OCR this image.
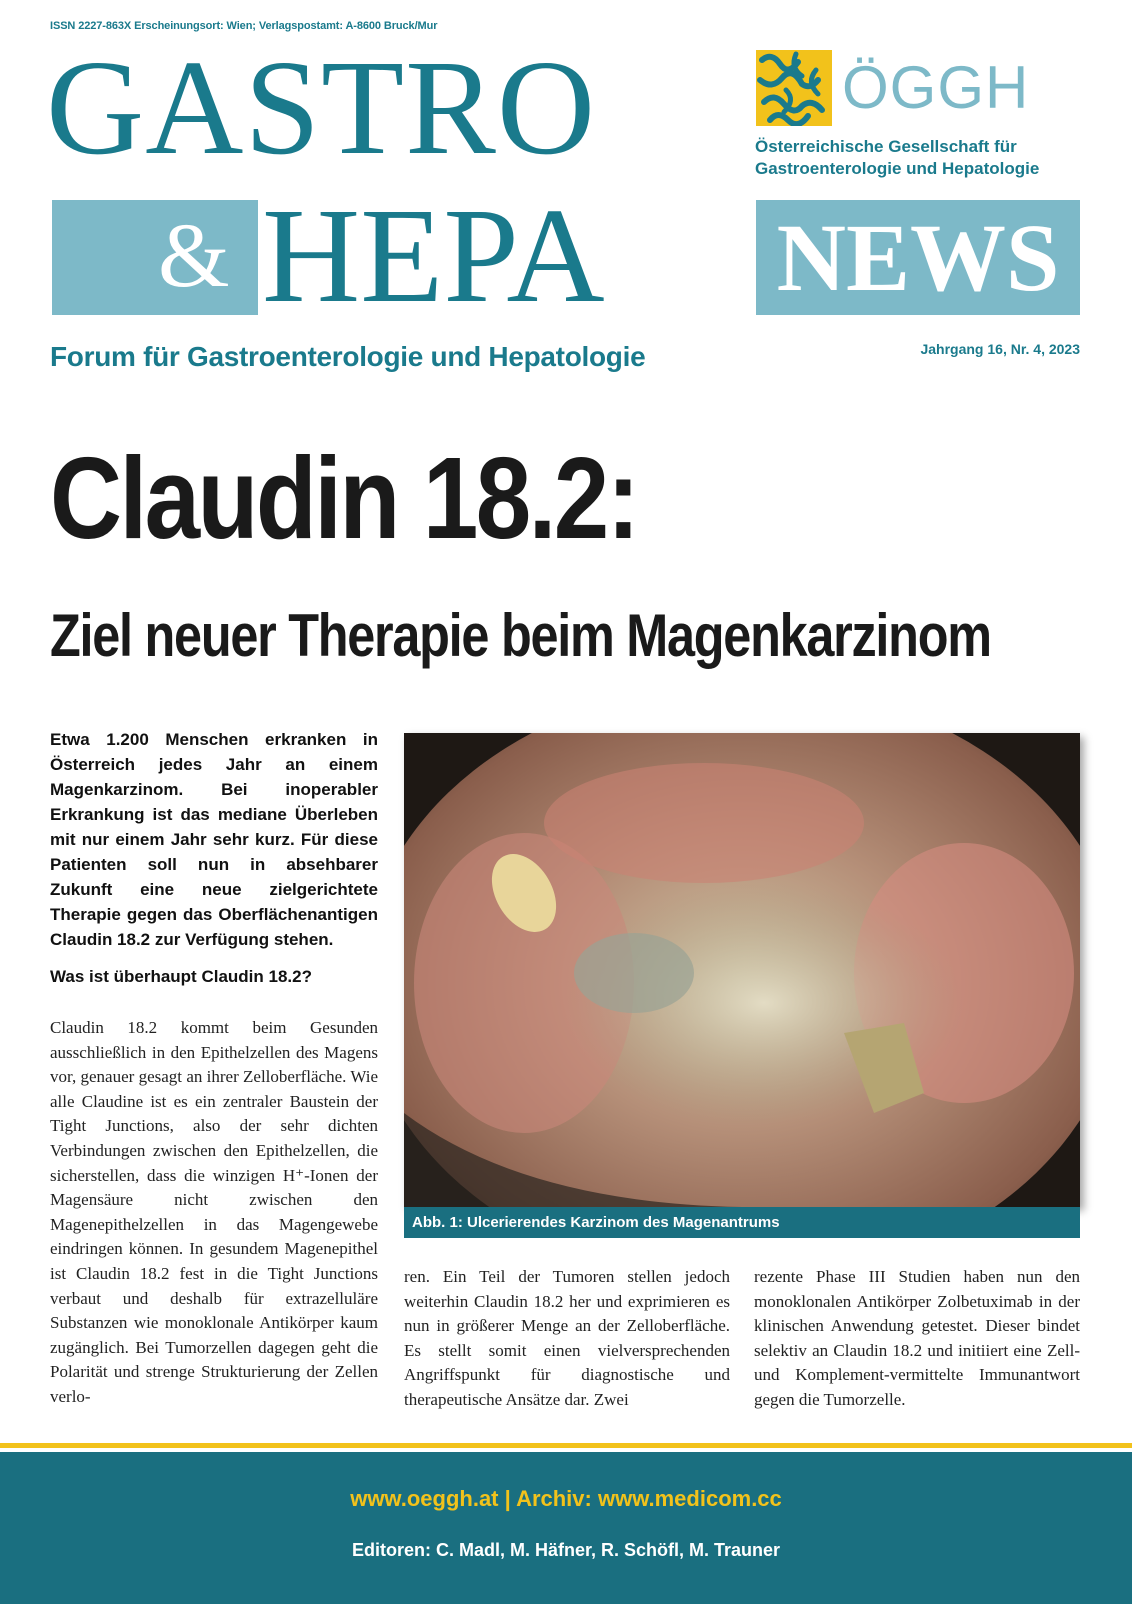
ISSN 2227-863X Erscheinungsort: Wien; Verlagspostamt: A-8600 Bruck/Mur
GASTRO
& HEPA NEWS
ÖGGH
Österreichische Gesellschaft für
Gastroenterologie und Hepatologie
Forum für Gastroenterologie und Hepatologie	Jahrgang 16, Nr. 4, 2023
Claudin 18.2:
Ziel neuer Therapie beim Magenkarzinom
Etwa 1.200 Menschen erkranken in Österreich jedes Jahr an einem Magenkarzinom. Bei inoperabler Erkrankung ist das mediane Überleben mit nur einem Jahr sehr kurz. Für diese Patienten soll nun in absehbarer Zukunft eine neue zielgerichtete Therapie gegen das Oberflächenantigen Claudin 18.2 zur Verfügung stehen.
Was ist überhaupt Claudin 18.2?
Claudin 18.2 kommt beim Gesunden ausschließlich in den Epithelzellen des Magens vor, genauer gesagt an ihrer Zelloberfläche. Wie alle Claudine ist es ein zentraler Baustein der Tight Junctions, also der sehr dichten Verbindungen zwischen den Epithelzellen, die sicherstellen, dass die winzigen H⁺-Ionen der Magensäure nicht zwischen den Magenepithelzellen in das Magengewebe eindringen können. In gesundem Magenepithel ist Claudin 18.2 fest in die Tight Junctions verbaut und deshalb für extrazelluläre Substanzen wie monoklonale Antikörper kaum zugänglich. Bei Tumorzellen dagegen geht die Polarität und strenge Strukturierung der Zellen verlo-
Abb. 1: Ulcerierendes Karzinom des Magenantrums
ren. Ein Teil der Tumoren stellen jedoch weiterhin Claudin 18.2 her und exprimieren es nun in größerer Menge an der Zelloberfläche. Es stellt somit einen vielversprechenden Angriffspunkt für diagnostische und therapeutische Ansätze dar. Zwei
rezente Phase III Studien haben nun den monoklonalen Antikörper Zolbetuximab in der klinischen Anwendung getestet. Dieser bindet selektiv an Claudin 18.2 und initiiert eine Zell- und Komplement-vermittelte Immunantwort gegen die Tumorzelle.
www.oeggh.at | Archiv: www.medicom.cc
Editoren: C. Madl, M. Häfner, R. Schöfl, M. Trauner
